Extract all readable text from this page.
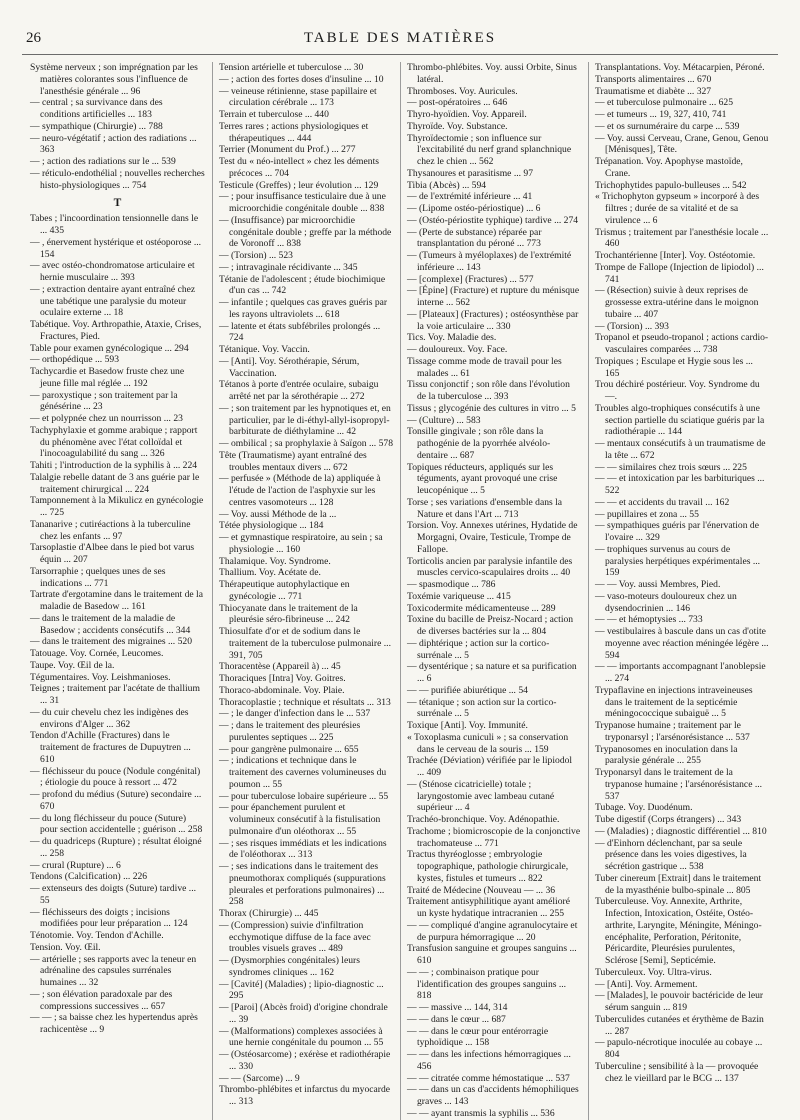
26	TABLE DES MATIÈRES

Système nerveux ; son imprégnation par les matières colorantes sous l'influence de l'anesthésie générale ... 96

— central ; sa survivance dans des conditions artificielles ... 183

— sympathique (Chirurgie) ... 788

— neuro-végétatif ; action des radiations ... 363

— ; action des radiations sur le ... 539

— réticulo-endothélial ; nouvelles recherches histo-physiologiques ... 754

T

Tabes ; l'incoordination tensionnelle dans le ... 435

— , énervement hystérique et ostéoporose ... 154

— avec ostéo-chondromatose articulaire et hernie musculaire ... 393

— ; extraction dentaire ayant entraîné chez une tabétique une paralysie du moteur oculaire externe ... 18

Tabétique. Voy. Arthropathie, Ataxie, Crises, Fractures, Pied.

Table pour examen gynécologique ... 294

— orthopédique ... 593

Tachycardie et Basedow fruste chez une jeune fille mal réglée ... 192

— paroxystique ; son traitement par la génésérine ... 23

— et polypnée chez un nourrisson ... 23

Tachyphylaxie et gomme arabique ; rapport du phénomène avec l'état colloïdal et l'inocoagulabilité du sang ... 326

Tahiti ; l'introduction de la syphilis à ... 224

Talalgie rebelle datant de 3 ans guérie par le traitement chirurgical ... 224

Tamponnement à la Mikulicz en gynécologie ... 725

Tananarive ; cutiréactions à la tuberculine chez les enfants ... 97

Tarsoplastie d'Albee dans le pied bot varus équin ... 207

Tarsorraphie ; quelques unes de ses indications ... 771

Tartrate d'ergotamine dans le traitement de la maladie de Basedow ... 161

— dans le traitement de la maladie de Basedow ; accidents consécutifs ... 344

— dans le traitement des migraines ... 520

Tatouage. Voy. Cornée, Leucomes.

Taupe. Voy. Œil de la.

Tégumentaires. Voy. Leishmanioses.

Teignes ; traitement par l'acétate de thallium ... 31

— du cuir chevelu chez les indigènes des environs d'Alger ... 362

Tendon d'Achille (Fractures) dans le traitement de fractures de Dupuytren ... 610

— fléchisseur du pouce (Nodule congénital) ; étiologie du pouce à ressort ... 472

— profond du médius (Suture) secondaire ... 670

— du long fléchisseur du pouce (Suture) pour section accidentelle ; guérison ... 258

— du quadriceps (Rupture) ; résultat éloigné ... 258

— crural (Rupture) ... 6

Tendons (Calcification) ... 226

— extenseurs des doigts (Suture) tardive ... 55

— fléchisseurs des doigts ; incisions modifiées pour leur préparation ... 124

Ténotomie. Voy. Tendon d'Achille.

Tension. Voy. Œil.

— artérielle ; ses rapports avec la teneur en adrénaline des capsules surrénales humaines ... 32

— ; son élévation paradoxale par des compressions successives ... 657

— — ; sa baisse chez les hypertendus après rachicentèse ... 9

Tension artérielle et tuberculose ... 30

— ; action des fortes doses d'insuline ... 10

— veineuse rétinienne, stase papillaire et circulation cérébrale ... 173

Terrain et tuberculose ... 440

Terres rares ; actions physiologiques et thérapeutiques ... 444

Terrier (Monument du Prof.) ... 277

Test du « néo-intellect » chez les déments précoces ... 704

Testicule (Greffes) ; leur évolution ... 129

— ; pour insuffisance testiculaire due à une microorchidie congénitale double ... 838

— (Insuffisance) par microorchidie congénitale double ; greffe par la méthode de Voronoff ... 838

— (Torsion) ... 523

— ; intravaginale récidivante ... 345

Tétanie de l'adolescent ; étude biochimique d'un cas ... 742

— infantile ; quelques cas graves guéris par les rayons ultraviolets ... 618

— latente et états subfébriles prolongés ... 724

Tétanique. Voy. Vaccin.

— [Anti]. Voy. Sérothérapie, Sérum, Vaccination.

Tétanos à porte d'entrée oculaire, subaigu arrêté net par la sérothérapie ... 272

— ; son traitement par les hypnotiques et, en particulier, par le di-éthyl-allyl-isopropyl-barbiturate de diéthylamine ... 42

— ombilical ; sa prophylaxie à Saïgon ... 578

Tête (Traumatisme) ayant entraîné des troubles mentaux divers ... 672

— perfusée » (Méthode de la) appliquée à l'étude de l'action de l'asphyxie sur les centres vasomoteurs ... 128

— Voy. aussi Méthode de la ...

Tétée physiologique ... 184

— et gymnastique respiratoire, au sein ; sa physiologie ... 160

Thalamique. Voy. Syndrome.

Thallium. Voy. Acétate de.

Thérapeutique autophylactique en gynécologie ... 771

Thiocyanate dans le traitement de la pleurésie séro-fibrineuse ... 242

Thiosulfate d'or et de sodium dans le traitement de la tuberculose pulmonaire ... 391, 705

Thoracentèse (Appareil à) ... 45

Thoraciques [Intra] Voy. Goitres.

Thoraco-abdominale. Voy. Plaie.

Thoracoplastie ; technique et résultats ... 313

— ; le danger d'infection dans le ... 537

— ; dans le traitement des pleurésies purulentes septiques ... 225

— pour gangrène pulmonaire ... 655

— ; indications et technique dans le traitement des cavernes volumineuses du poumon ... 55

— pour tuberculose lobaire supérieure ... 55

— pour épanchement purulent et volumineux consécutif à la fistulisation pulmonaire d'un oléothorax ... 55

— ; ses risques immédiats et les indications de l'oléothorax ... 313

— ; ses indications dans le traitement des pneumothorax compliqués (suppurations pleurales et perforations pulmonaires) ... 258

Thorax (Chirurgie) ... 445

— (Compression) suivie d'infiltration ecchymotique diffuse de la face avec troubles visuels graves ... 489

— (Dysmorphies congénitales) leurs syndromes cliniques ... 162

— [Cavité] (Maladies) ; lipio-diagnostic ... 295

— [Paroi] (Abcès froid) d'origine chondrale ... 39

— (Malformations) complexes associées à une hernie congénitale du poumon ... 55

— (Ostéosarcome) ; exérèse et radiothérapie ... 330

— — (Sarcome) ... 9

Thrombo-phlébites et infarctus du myocarde ... 313

Thrombo-phlébites. Voy. aussi Orbite, Sinus latéral.

Thromboses. Voy. Auricules.

— post-opératoires ... 646

Thyro-hyoïdien. Voy. Appareil.

Thyroïde. Voy. Substance.

Thyroïdectomie ; son influence sur l'excitabilité du nerf grand splanchnique chez le chien ... 562

Thysanoures et parasitisme ... 97

Tibia (Abcès) ... 594

— de l'extrémité inférieure ... 41

— (Lipome ostéo-périostique) ... 6

— (Ostéo-périostite typhique) tardive ... 274

— (Perte de substance) réparée par transplantation du péroné ... 773

— (Tumeurs à myéloplaxes) de l'extrémité inférieure ... 143

— [complexe] (Fractures) ... 577

— [Épine] (Fracture) et rupture du ménisque interne ... 562

— [Plateaux] (Fractures) ; ostéosynthèse par la voie articulaire ... 330

Tics. Voy. Maladie des.

— douloureux. Voy. Face.

Tissage comme mode de travail pour les malades ... 61

Tissu conjonctif ; son rôle dans l'évolution de la tuberculose ... 393

Tissus ; glycogénie des cultures in vitro ... 5

— (Culture) ... 583

Tonsille gingivale ; son rôle dans la pathogénie de la pyorrhée alvéolo-dentaire ... 687

Topiques réducteurs, appliqués sur les téguments, ayant provoqué une crise leucopénique ... 5

Torse ; ses variations d'ensemble dans la Nature et dans l'Art ... 713

Torsion. Voy. Annexes utérines, Hydatide de Morgagni, Ovaire, Testicule, Trompe de Fallope.

Torticolis ancien par paralysie infantile des muscles cervico-scapulaires droits ... 40

— spasmodique ... 786

Toxémie variqueuse ... 415

Toxicodermite médicamenteuse ... 289

Toxine du bacille de Preisz-Nocard ; action de diverses bactéries sur la ... 804

— diphtérique ; action sur la cortico-surrénale ... 5

— dysentérique ; sa nature et sa purification ... 6

— — purifiée abiurétique ... 54

— tétanique ; son action sur la cortico-surrénale ... 5

Toxique [Anti]. Voy. Immunité.

« Toxoplasma cuniculi » ; sa conservation dans le cerveau de la souris ... 159

Trachée (Déviation) vérifiée par le lipiodol ... 409

— (Sténose cicatricielle) totale ; laryngostomie avec lambeau cutané supérieur ... 4

Trachéo-bronchique. Voy. Adénopathie.

Trachome ; biomicroscopie de la conjonctive trachomateuse ... 771

Tractus thyréoglosse ; embryologie topographique, pathologie chirurgicale, kystes, fistules et tumeurs ... 822

Traité de Médecine (Nouveau — ... 36

Traitement antisyphilitique ayant amélioré un kyste hydatique intracranien ... 255

— — compliqué d'angine agranulocytaire et de purpura hémorragique ... 20

Transfusion sanguine et groupes sanguins ... 610

— — ; combinaison pratique pour l'identification des groupes sanguins ... 818

— — massive ... 144, 314

— — dans le cœur ... 687

— — dans le cœur pour entérorragie typhoïdique ... 158

— — dans les infections hémorragiques ... 456

— — citratée comme hémostatique ... 537

— — dans un cas d'accidents hémophiliques graves ... 143

— — ayant transmis la syphilis ... 536

Transplantations. Voy. Métacarpien, Péroné.

Transports alimentaires ... 670

Traumatisme et diabète ... 327

— et tuberculose pulmonaire ... 625

— et tumeurs ... 19, 327, 410, 741

— et os surnuméraire du carpe ... 539

— Voy. aussi Cerveau, Crane, Genou, Genou [Ménisques], Tête.

Trépanation. Voy. Apophyse mastoïde, Crane.

Trichophytides papulo-bulleuses ... 542

« Trichophyton gypseum » incorporé à des filtres ; durée de sa vitalité et de sa virulence ... 6

Trismus ; traitement par l'anesthésie locale ... 460

Trochantérienne [Inter]. Voy. Ostéotomie.

Trompe de Fallope (Injection de lipiodol) ... 741

— (Résection) suivie à deux reprises de grossesse extra-utérine dans le moignon tubaire ... 407

— (Torsion) ... 393

Tropanol et pseudo-tropanol ; actions cardio-vasculaires comparées ... 738

Tropiques ; Esculape et Hygie sous les ... 165

Trou déchiré postérieur. Voy. Syndrome du —.

Troubles algo-trophiques consécutifs à une section partielle du sciatique guéris par la radiothérapie ... 144

— mentaux consécutifs à un traumatisme de la tête ... 672

— — similaires chez trois sœurs ... 225

— — et intoxication par les barbituriques ... 522

— — et accidents du travail ... 162

— pupillaires et zona ... 55

— sympathiques guéris par l'énervation de l'ovaire ... 329

— trophiques survenus au cours de paralysies herpétiques expérimentales ... 159

— — Voy. aussi Membres, Pied.

— vaso-moteurs douloureux chez un dysendocrinien ... 146

— — et hémoptysies ... 733

— vestibulaires à bascule dans un cas d'otite moyenne avec réaction méningée légère ... 594

— — importants accompagnant l'anoblepsie ... 274

Trypaflavine en injections intraveineuses dans le traitement de la septicémie méningococcique subaiguë ... 5

Trypanose humaine ; traitement par le tryponarsyl ; l'arsénorésistance ... 537

Trypanosomes en inoculation dans la paralysie générale ... 255

Tryponarsyl dans le traitement de la trypanose humaine ; l'arsénorésistance ... 537

Tubage. Voy. Duodénum.

Tube digestif (Corps étrangers) ... 343

— (Maladies) ; diagnostic différentiel ... 810

— d'Einhorn déclenchant, par sa seule présence dans les voies digestives, la sécrétion gastrique ... 538

Tuber cinereum [Extrait] dans le traitement de la myasthénie bulbo-spinale ... 805

Tuberculeuse. Voy. Annexite, Arthrite, Infection, Intoxication, Ostéite, Ostéo-arthrite, Laryngite, Méningite, Méningo-encéphalite, Perforation, Péritonite, Péricardite, Pleurésies purulentes, Sclérose [Semi], Septicémie.

Tuberculeux. Voy. Ultra-virus.

— [Anti]. Voy. Armement.

— [Malades], le pouvoir bactéricide de leur sérum sanguin ... 819

Tuberculides cutanées et érythème de Bazin ... 287

— papulo-nécrotique inoculée au cobaye ... 804

Tuberculine ; sensibilité à la — provoquée chez le vieillard par le BCG ... 137
